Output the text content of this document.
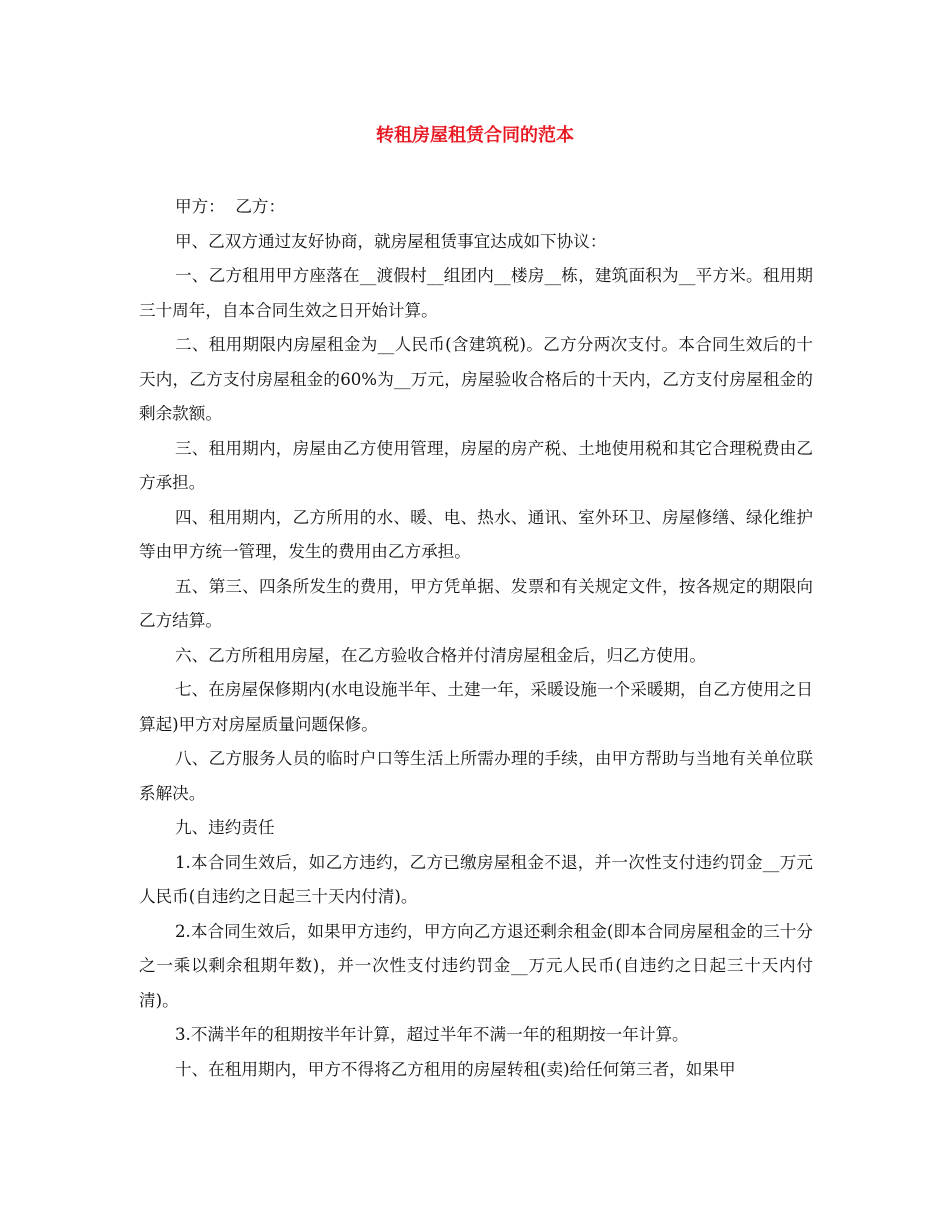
转租房屋租赁合同的范本

甲方：  乙方：

甲、乙双方通过友好协商，就房屋租赁事宜达成如下协议：

一、乙方租用甲方座落在__渡假村__组团内__楼房__栋，建筑面积为__平方米。租用期三十周年，自本合同生效之日开始计算。

二、租用期限内房屋租金为__人民币(含建筑税)。乙方分两次支付。本合同生效后的十天内，乙方支付房屋租金的60%为__万元，房屋验收合格后的十天内，乙方支付房屋租金的剩余款额。

三、租用期内，房屋由乙方使用管理，房屋的房产税、土地使用税和其它合理税费由乙方承担。

四、租用期内，乙方所用的水、暖、电、热水、通讯、室外环卫、房屋修缮、绿化维护等由甲方统一管理，发生的费用由乙方承担。

五、第三、四条所发生的费用，甲方凭单据、发票和有关规定文件，按各规定的期限向乙方结算。

六、乙方所租用房屋，在乙方验收合格并付清房屋租金后，归乙方使用。

七、在房屋保修期内(水电设施半年、土建一年，采暖设施一个采暖期，自乙方使用之日算起)甲方对房屋质量问题保修。

八、乙方服务人员的临时户口等生活上所需办理的手续，由甲方帮助与当地有关单位联系解决。

九、违约责任

1.本合同生效后，如乙方违约，乙方已缴房屋租金不退，并一次性支付违约罚金__万元人民币(自违约之日起三十天内付清)。

2.本合同生效后，如果甲方违约，甲方向乙方退还剩余租金(即本合同房屋租金的三十分之一乘以剩余租期年数)，并一次性支付违约罚金__万元人民币(自违约之日起三十天内付清)。

3.不满半年的租期按半年计算，超过半年不满一年的租期按一年计算。

十、在租用期内，甲方不得将乙方租用的房屋转租(卖)给任何第三者，如果甲
